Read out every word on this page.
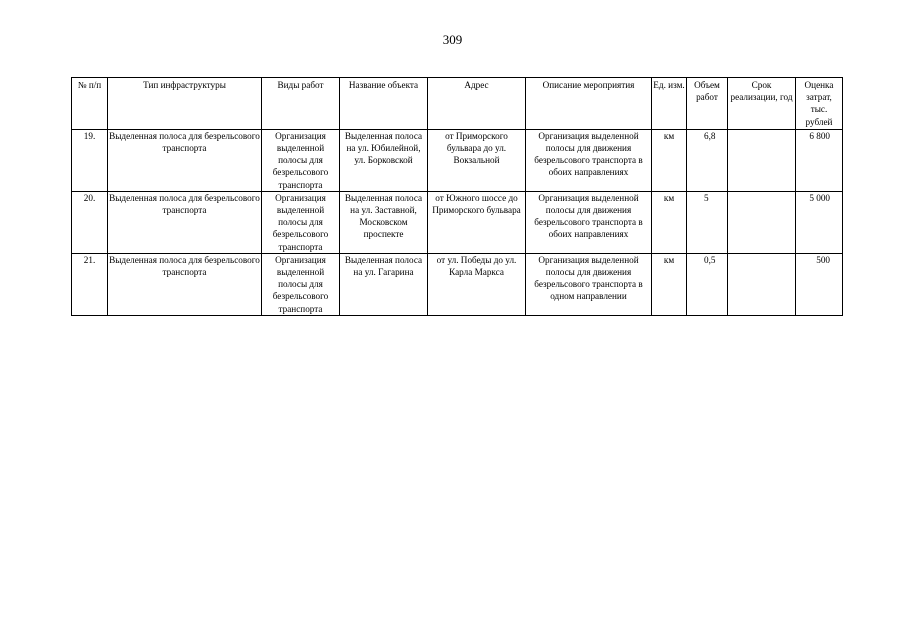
309
№ п/п	Тип инфраструктуры	Виды работ	Название объекта	Адрес	Описание мероприятия	Ед. изм.	Объем работ	Срок реализации, год	Оценка затрат, тыс. рублей
19.	Выделенная полоса для безрельсового транспорта	Организация выделенной полосы для безрельсового транспорта	Выделенная полоса на ул. Юбилейной, ул. Борковской	от Приморского бульвара до ул. Вокзальной	Организация выделенной полосы для движения безрельсового транспорта в обоих направлениях	км	6,8		6 800
20.	Выделенная полоса для безрельсового транспорта	Организация выделенной полосы для безрельсового транспорта	Выделенная полоса на ул. Заставной, Московском проспекте	от Южного шоссе до Приморского бульвара	Организация выделенной полосы для движения безрельсового транспорта в обоих направлениях	км	5		5 000
21.	Выделенная полоса для безрельсового транспорта	Организация выделенной полосы для безрельсового транспорта	Выделенная полоса на ул. Гагарина	от ул. Победы до ул. Карла Маркса	Организация выделенной полосы для движения безрельсового транспорта в одном направлении	км	0,5		500
